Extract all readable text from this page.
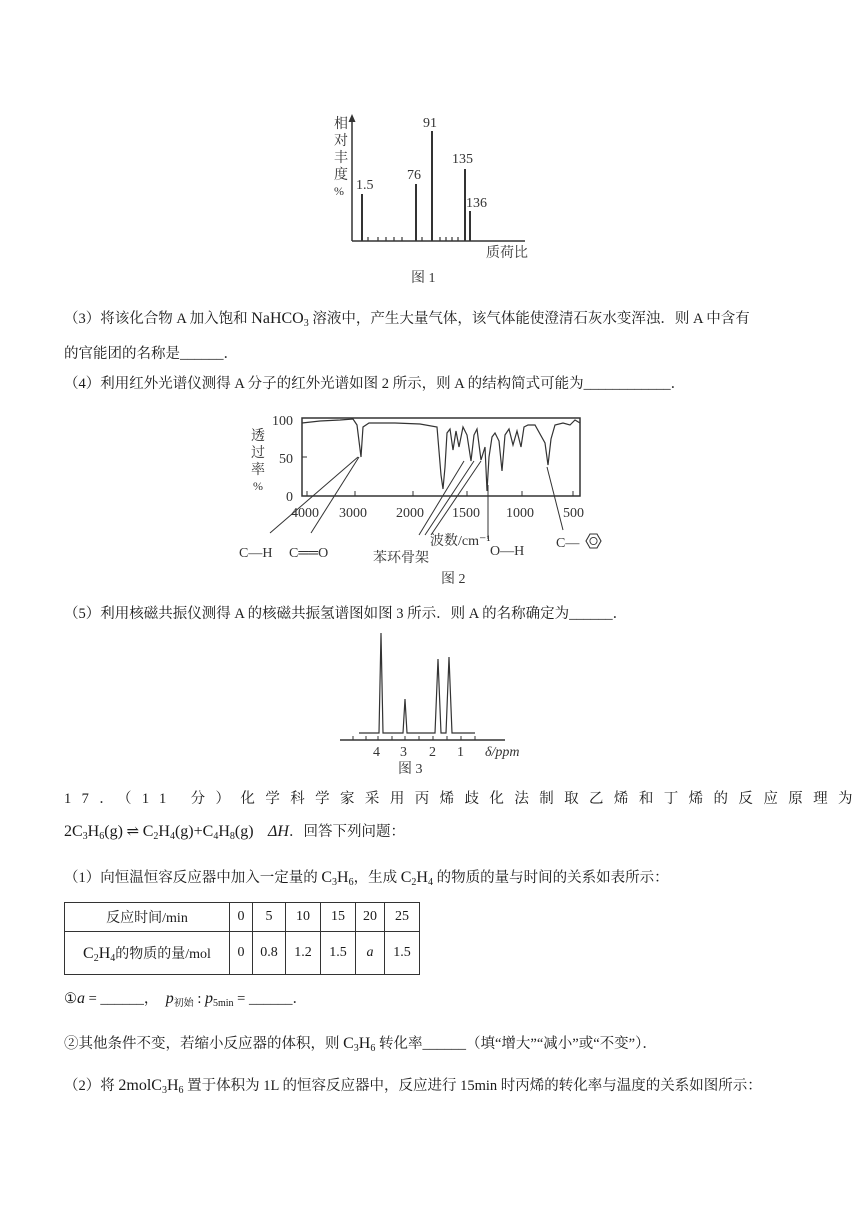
相
对
丰
度
% 1.5
76
91
135
136
质荷比
图 1
（3）将该化合物 A 加入饱和 NaHCO$_3$ 溶液中，产生大量气体，该气体能使澄清石灰水变浑浊．则 A 中含有
的官能团的名称是______．
（4）利用红外光谱仪测得 A 分子的红外光谱如图 2 所示，则 A 的结构简式可能为____________．
透
过
率
%
100
50
0
4000 3000 2000 1500 1000 500
波数/cm⁻¹
C—H C══O	苯环骨架	O—H
C—
图 2
（5）利用核磁共振仪测得 A 的核磁共振氢谱图如图 3 所示．则 A 的名称确定为______．
4 3 2 1 δ/ppm
图 3
17．（11 分）化学科学家采用丙烯歧化法制取乙烯和丁烯的反应原理为
$2C_3H_6(g)$ ⇌ $C_2H_4(g)+C_4H_8(g)$ ΔH．回答下列问题：
（1）向恒温恒容反应器中加入一定量的 $C_3H_6$，生成 $C_2H_4$ 的物质的量与时间的关系如表所示：
反应时间/min	0	5	10	15	20	25
$C_2H_4$的物质的量/mol	0	0.8	1.2	1.5	a	1.5
①a = ______， $p_{初始}$ : $p_{5min}$ = ______．
②其他条件不变，若缩小反应器的体积，则 $C_3H_6$ 转化率______（填“增大”“减小”或“不变”）．
（2）将 $2molC_3H_6$ 置于体积为 1L 的恒容反应器中，反应进行 15min 时丙烯的转化率与温度的关系如图所示：
